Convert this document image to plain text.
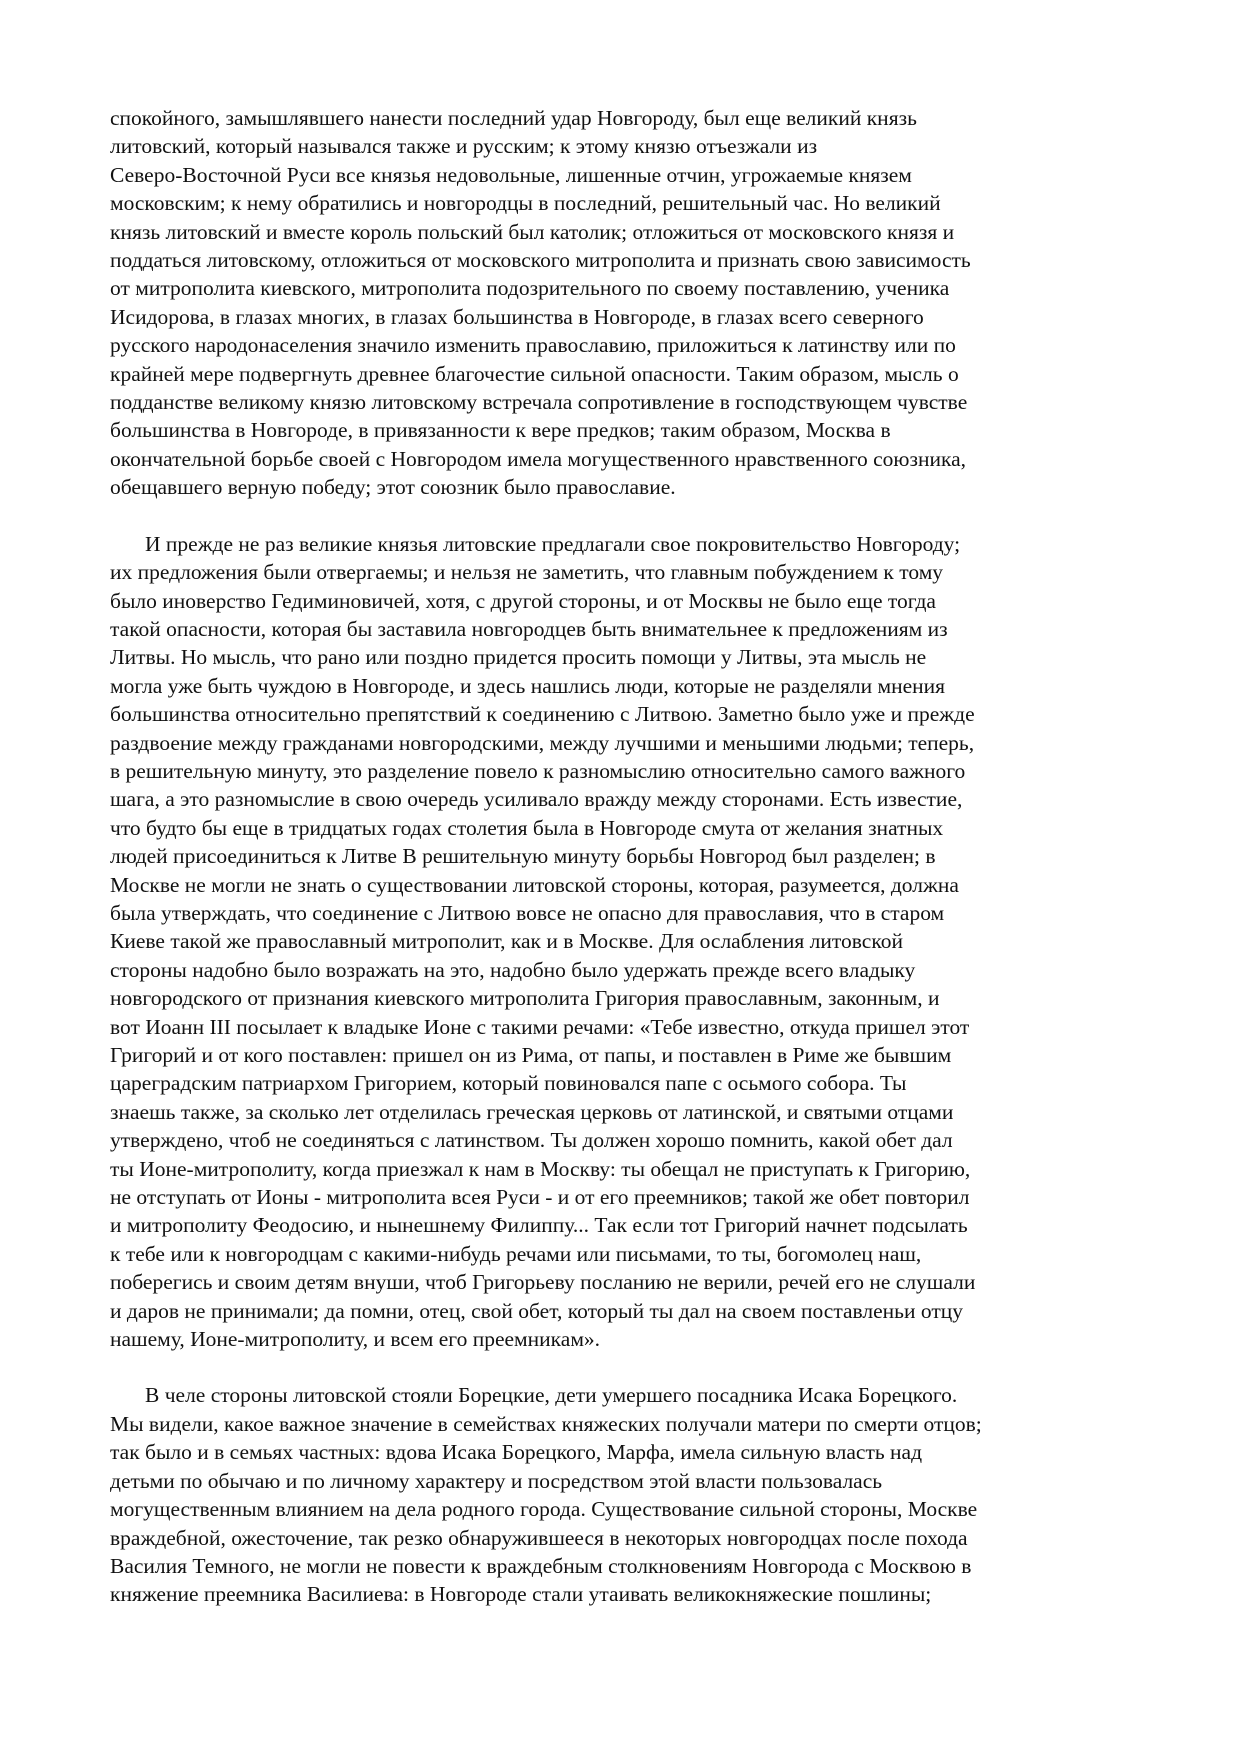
спокойного, замышлявшего нанести последний удар Новгороду, был еще великий князь
литовский, который назывался также и русским; к этому князю отъезжали из
Северо-Восточной Руси все князья недовольные, лишенные отчин, угрожаемые князем
московским; к нему обратились и новгородцы в последний, решительный час. Но великий
князь литовский и вместе король польский был католик; отложиться от московского князя и
поддаться литовскому, отложиться от московского митрополита и признать свою зависимость
от митрополита киевского, митрополита подозрительного по своему поставлению, ученика
Исидорова, в глазах многих, в глазах большинства в Новгороде, в глазах всего северного
русского народонаселения значило изменить православию, приложиться к латинству или по
крайней мере подвергнуть древнее благочестие сильной опасности. Таким образом, мысль о
подданстве великому князю литовскому встречала сопротивление в господствующем чувстве
большинства в Новгороде, в привязанности к вере предков; таким образом, Москва в
окончательной борьбе своей с Новгородом имела могущественного нравственного союзника,
обещавшего верную победу; этот союзник было православие.
И прежде не раз великие князья литовские предлагали свое покровительство Новгороду;
их предложения были отвергаемы; и нельзя не заметить, что главным побуждением к тому
было иноверство Гедиминовичей, хотя, с другой стороны, и от Москвы не было еще тогда
такой опасности, которая бы заставила новгородцев быть внимательнее к предложениям из
Литвы. Но мысль, что рано или поздно придется просить помощи у Литвы, эта мысль не
могла уже быть чуждою в Новгороде, и здесь нашлись люди, которые не разделяли мнения
большинства относительно препятствий к соединению с Литвою. Заметно было уже и прежде
раздвоение между гражданами новгородскими, между лучшими и меньшими людьми; теперь,
в решительную минуту, это разделение повело к разномыслию относительно самого важного
шага, а это разномыслие в свою очередь усиливало вражду между сторонами. Есть известие,
что будто бы еще в тридцатых годах столетия была в Новгороде смута от желания знатных
людей присоединиться к Литве В решительную минуту борьбы Новгород был разделен; в
Москве не могли не знать о существовании литовской стороны, которая, разумеется, должна
была утверждать, что соединение с Литвою вовсе не опасно для православия, что в старом
Киеве такой же православный митрополит, как и в Москве. Для ослабления литовской
стороны надобно было возражать на это, надобно было удержать прежде всего владыку
новгородского от признания киевского митрополита Григория православным, законным, и
вот Иоанн III посылает к владыке Ионе с такими речами: «Тебе известно, откуда пришел этот
Григорий и от кого поставлен: пришел он из Рима, от папы, и поставлен в Риме же бывшим
цареградским патриархом Григорием, который повиновался папе с осьмого собора. Ты
знаешь также, за сколько лет отделилась греческая церковь от латинской, и святыми отцами
утверждено, чтоб не соединяться с латинством. Ты должен хорошо помнить, какой обет дал
ты Ионе-митрополиту, когда приезжал к нам в Москву: ты обещал не приступать к Григорию,
не отступать от Ионы - митрополита всея Руси - и от его преемников; такой же обет повторил
и митрополиту Феодосию, и нынешнему Филиппу... Так если тот Григорий начнет подсылать
к тебе или к новгородцам с какими-нибудь речами или письмами, то ты, богомолец наш,
поберегись и своим детям внуши, чтоб Григорьеву посланию не верили, речей его не слушали
и даров не принимали; да помни, отец, свой обет, который ты дал на своем поставленьи отцу
нашему, Ионе-митрополиту, и всем его преемникам».
В челе стороны литовской стояли Борецкие, дети умершего посадника Исака Борецкого.
Мы видели, какое важное значение в семействах княжеских получали матери по смерти отцов;
так было и в семьях частных: вдова Исака Борецкого, Марфа, имела сильную власть над
детьми по обычаю и по личному характеру и посредством этой власти пользовалась
могущественным влиянием на дела родного города. Существование сильной стороны, Москве
враждебной, ожесточение, так резко обнаружившееся в некоторых новгородцах после похода
Василия Темного, не могли не повести к враждебным столкновениям Новгорода с Москвою в
княжение преемника Василиева: в Новгороде стали утаивать великокняжеские пошлины;
